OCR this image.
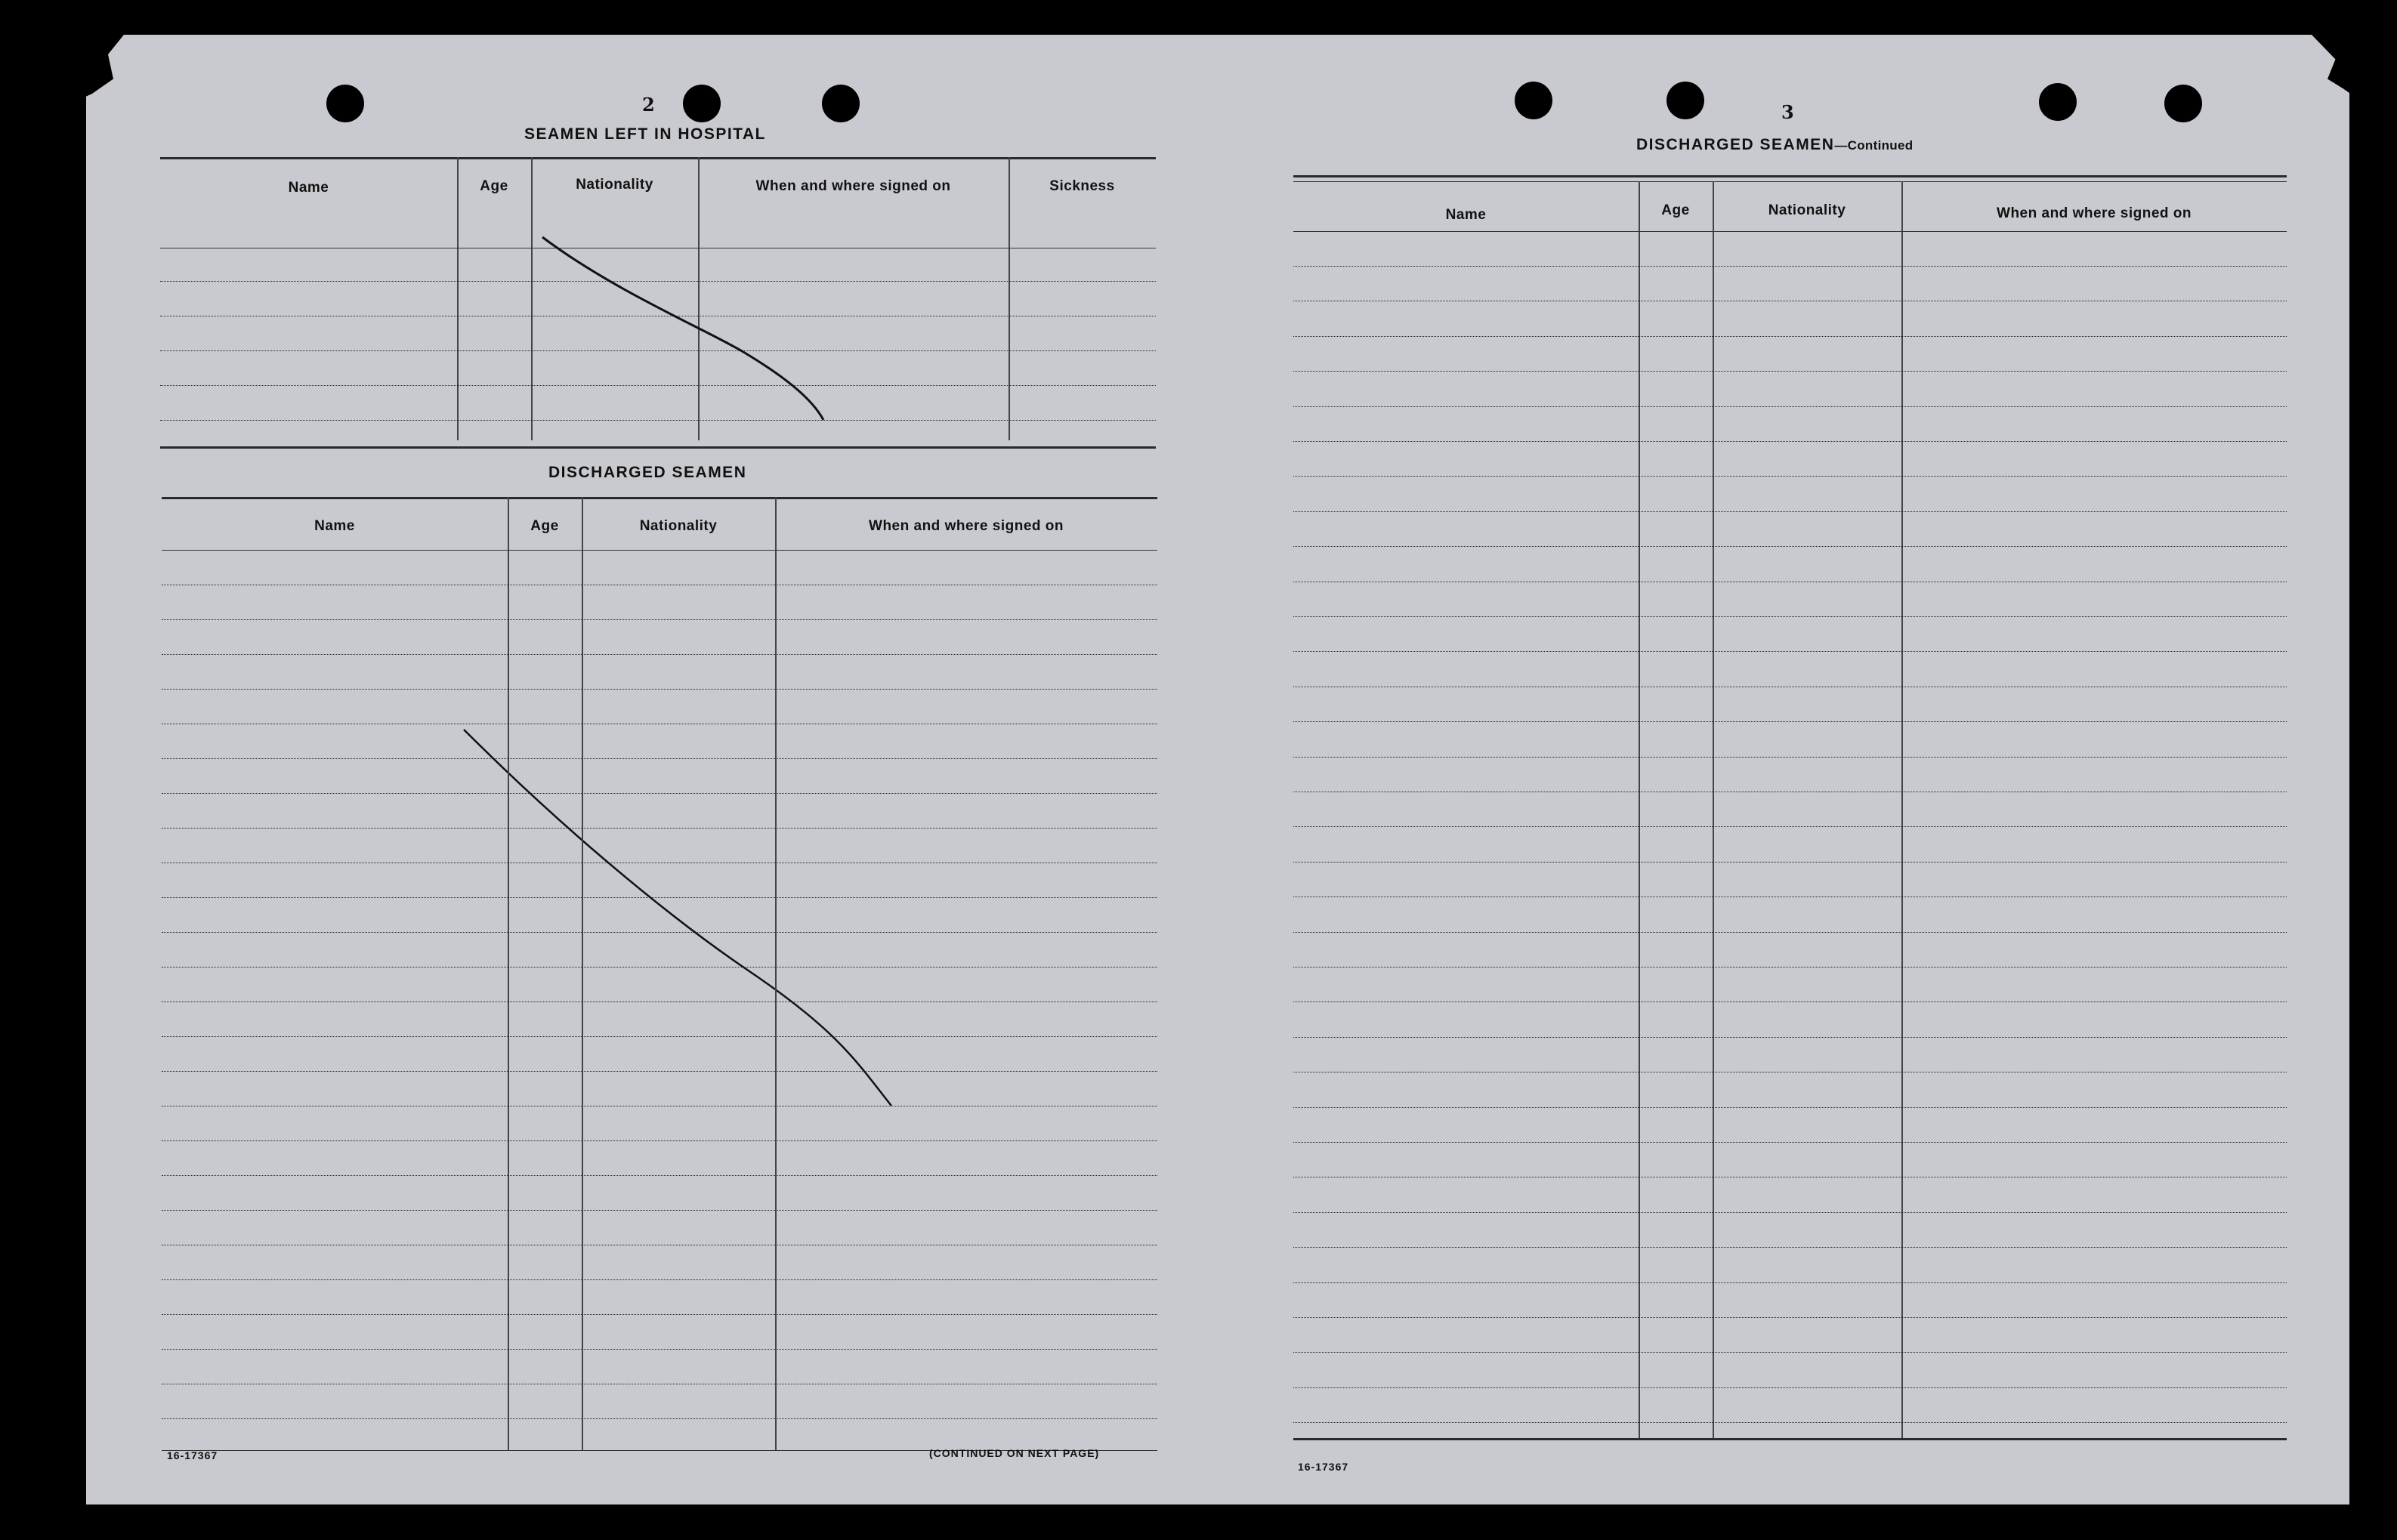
2
SEAMEN LEFT IN HOSPITAL
Name	Age	Nationality	When and where signed on	Sickness
DISCHARGED SEAMEN
Name	Age	Nationality	When and where signed on
16-17367	(CONTINUED ON NEXT PAGE)
3
DISCHARGED SEAMEN—Continued
Name	Age	Nationality	When and where signed on
16-17367
